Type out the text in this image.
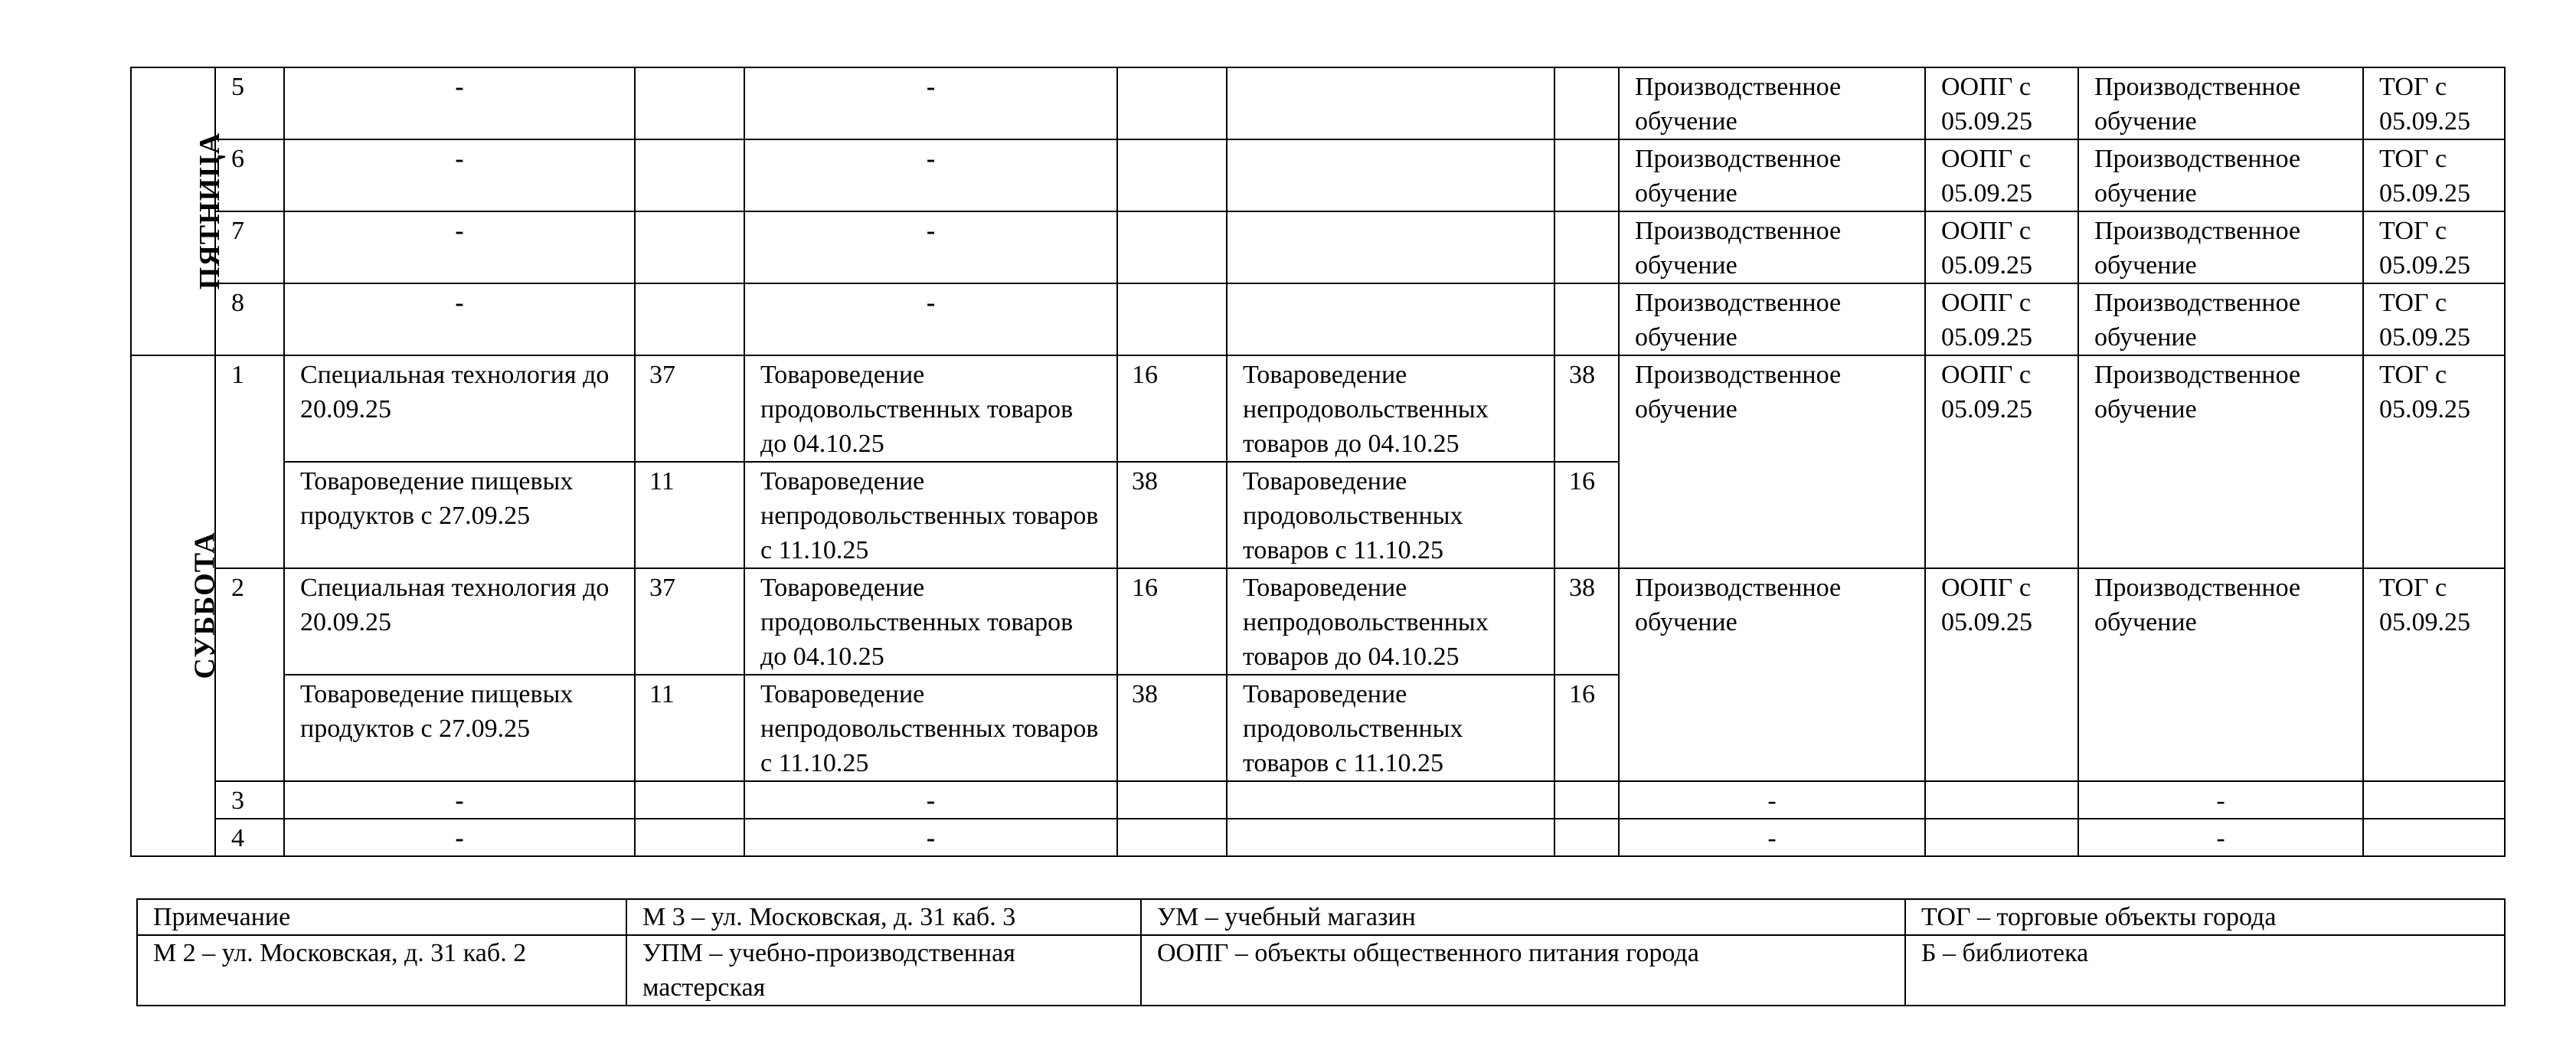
ПЯТНИЦА	5	-		-				Производственное обучение	ООПГ с 05.09.25	Производственное обучение	ТОГ с 05.09.25
	6	-		-				Производственное обучение	ООПГ с 05.09.25	Производственное обучение	ТОГ с 05.09.25
	7	-		-				Производственное обучение	ООПГ с 05.09.25	Производственное обучение	ТОГ с 05.09.25
	8	-		-				Производственное обучение	ООПГ с 05.09.25	Производственное обучение	ТОГ с 05.09.25
СУББОТА	1	Специальная технология до 20.09.25	37	Товароведение продовольственных товаров до 04.10.25	16	Товароведение непродовольственных товаров до 04.10.25	38	Производственное обучение	ООПГ с 05.09.25	Производственное обучение	ТОГ с 05.09.25
		Товароведение пищевых продуктов с 27.09.25	11	Товароведение непродовольственных товаров с 11.10.25	38	Товароведение продовольственных товаров с 11.10.25	16				
	2	Специальная технология до 20.09.25	37	Товароведение продовольственных товаров до 04.10.25	16	Товароведение непродовольственных товаров до 04.10.25	38	Производственное обучение	ООПГ с 05.09.25	Производственное обучение	ТОГ с 05.09.25
		Товароведение пищевых продуктов с 27.09.25	11	Товароведение непродовольственных товаров с 11.10.25	38	Товароведение продовольственных товаров с 11.10.25	16				
	3	-		-				-		-	
	4	-		-				-		-	
Примечание	М 3 – ул. Московская, д. 31 каб. 3	УМ – учебный магазин	ТОГ – торговые объекты города
М 2 – ул. Московская, д. 31 каб. 2	УПМ – учебно-производственная мастерская	ООПГ – объекты общественного питания города	Б – библиотека
